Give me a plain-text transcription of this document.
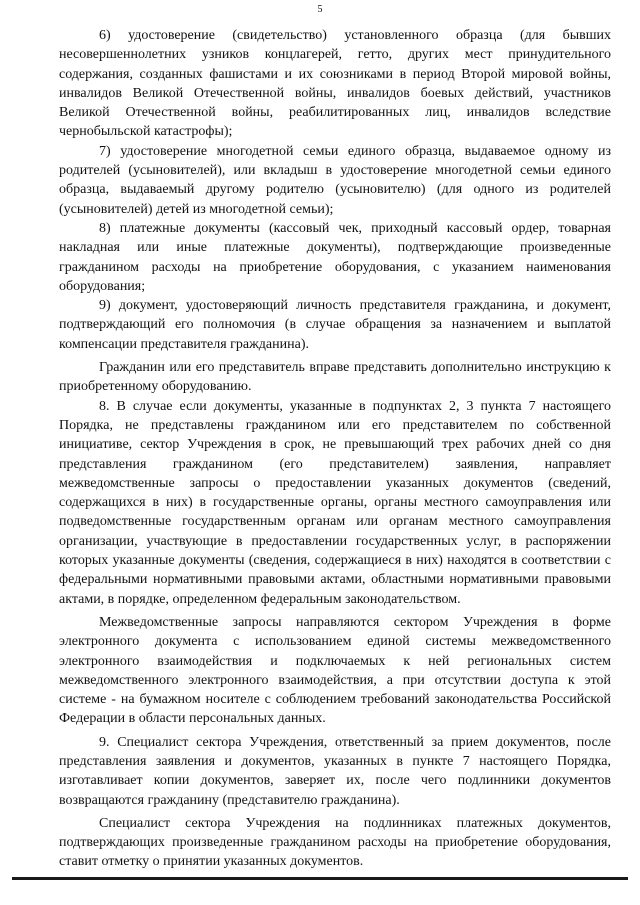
5

6) удостоверение (свидетельство) установленного образца (для бывших несовершеннолетних узников концлагерей, гетто, других мест принудительного содержания, созданных фашистами и их союзниками в период Второй мировой войны, инвалидов Великой Отечественной войны, инвалидов боевых действий, участников Великой Отечественной войны, реабилитированных лиц, инвалидов вследствие чернобыльской катастрофы);

7) удостоверение многодетной семьи единого образца, выдаваемое одному из родителей (усыновителей), или вкладыш в удостоверение многодетной семьи единого образца, выдаваемый другому родителю (усыновителю) (для одного из родителей (усыновителей) детей из многодетной семьи);

8) платежные документы (кассовый чек, приходный кассовый ордер, товарная накладная или иные платежные документы), подтверждающие произведенные гражданином расходы на приобретение оборудования, с указанием наименования оборудования;

9) документ, удостоверяющий личность представителя гражданина, и документ, подтверждающий его полномочия (в случае обращения за назначением и выплатой компенсации представителя гражданина).

Гражданин или его представитель вправе представить дополнительно инструкцию к приобретенному оборудованию.

8. В случае если документы, указанные в подпунктах 2, 3 пункта 7 настоящего Порядка, не представлены гражданином или его представителем по собственной инициативе, сектор Учреждения в срок, не превышающий трех рабочих дней со дня представления гражданином (его представителем) заявления, направляет межведомственные запросы о предоставлении указанных документов (сведений, содержащихся в них) в государственные органы, органы местного самоуправления или подведомственные государственным органам или органам местного самоуправления организации, участвующие в предоставлении государственных услуг, в распоряжении которых указанные документы (сведения, содержащиеся в них) находятся в соответствии с федеральными нормативными правовыми актами, областными нормативными правовыми актами, в порядке, определенном федеральным законодательством.

Межведомственные запросы направляются сектором Учреждения в форме электронного документа с использованием единой системы межведомственного электронного взаимодействия и подключаемых к ней региональных систем межведомственного электронного взаимодействия, а при отсутствии доступа к этой системе - на бумажном носителе с соблюдением требований законодательства Российской Федерации в области персональных данных.

9. Специалист сектора Учреждения, ответственный за прием документов, после представления заявления и документов, указанных в пункте 7 настоящего Порядка, изготавливает копии документов, заверяет их, после чего подлинники документов возвращаются гражданину (представителю гражданина).

Специалист сектора Учреждения на подлинниках платежных документов, подтверждающих произведенные гражданином расходы на приобретение оборудования, ставит отметку о принятии указанных документов.
